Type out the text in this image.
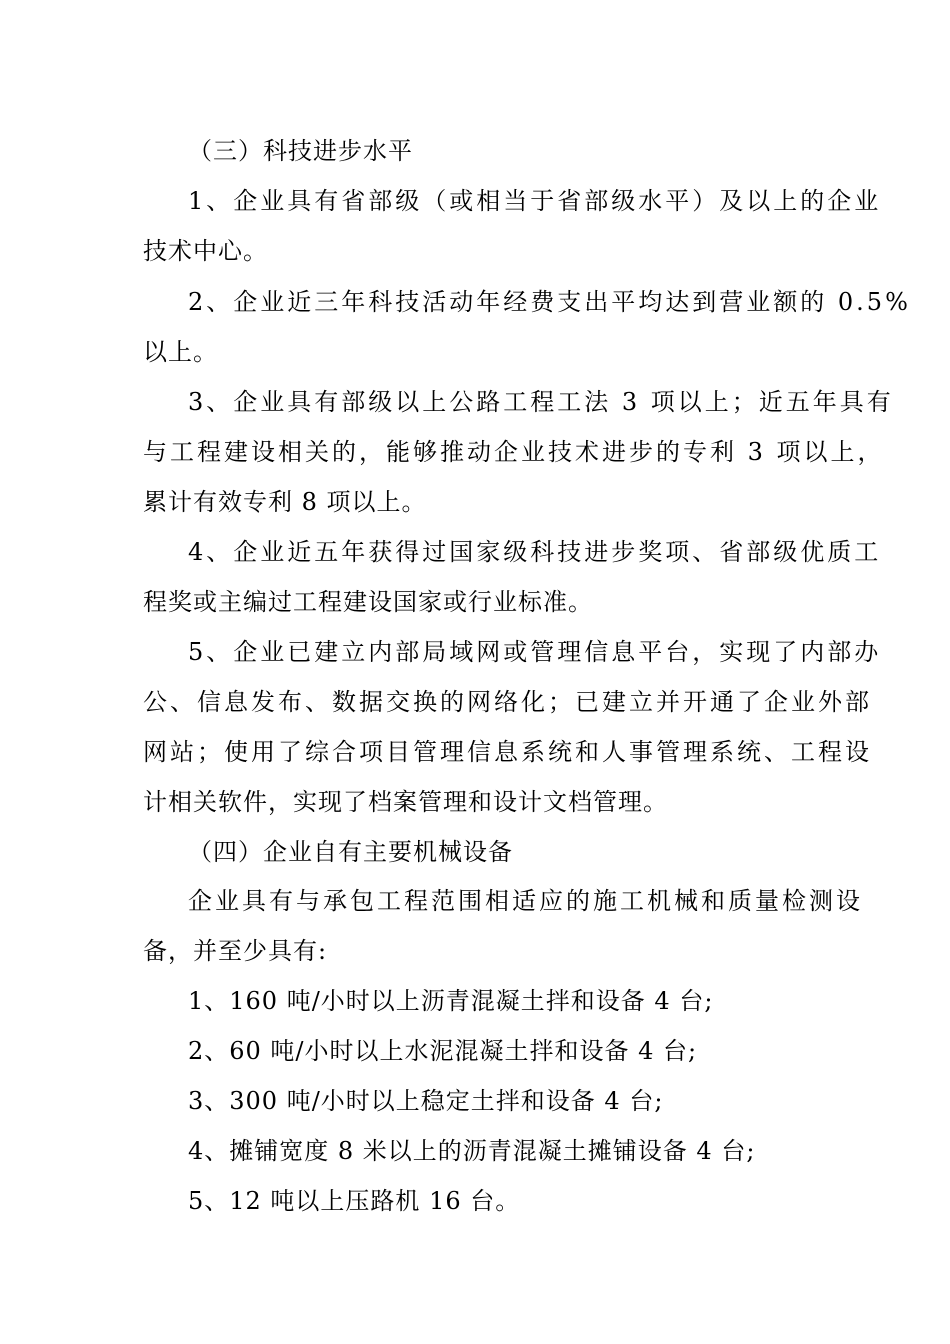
（三）科技进步水平
1、企业具有省部级（或相当于省部级水平）及以上的企业
技术中心。
2、企业近三年科技活动年经费支出平均达到营业额的 0.5%
以上。
3、企业具有部级以上公路工程工法 3 项以上；近五年具有
与工程建设相关的，能够推动企业技术进步的专利 3 项以上，
累计有效专利 8 项以上。
4、企业近五年获得过国家级科技进步奖项、省部级优质工
程奖或主编过工程建设国家或行业标准。
5、企业已建立内部局域网或管理信息平台，实现了内部办
公、信息发布、数据交换的网络化；已建立并开通了企业外部
网站；使用了综合项目管理信息系统和人事管理系统、工程设
计相关软件，实现了档案管理和设计文档管理。
（四）企业自有主要机械设备
企业具有与承包工程范围相适应的施工机械和质量检测设
备，并至少具有:
1、160 吨/小时以上沥青混凝土拌和设备 4 台;
2、60 吨/小时以上水泥混凝土拌和设备 4 台;
3、300 吨/小时以上稳定土拌和设备 4 台;
4、摊铺宽度 8 米以上的沥青混凝土摊铺设备 4 台;
5、12 吨以上压路机 16 台。
